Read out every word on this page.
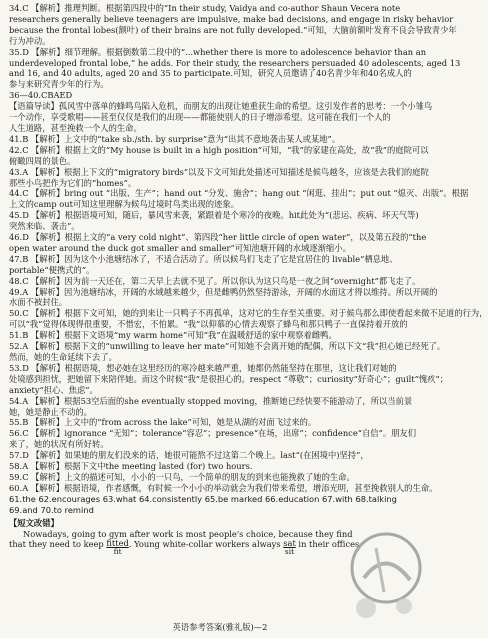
34.C 【解析】推理判断。根据第四段中的“In their study, Vaidya and co-author Shaun Vecera note
researchers generally believe teenagers are impulsive, make bad decisions, and engage in risky behavior
because the frontal lobes(额叶) of their brains are not fully developed.”可知，大脑前额叶发育不良会导致青少年
行为冲动。
35.D 【解析】细节理解。根据倒数第二段中的“...whether there is more to adolescence behavior than an
underdeveloped frontal lobe,” he adds. For their study, the researchers persuaded 40 adolescents, aged 13
and 16, and 40 adults, aged 20 and 35 to participate.可知，研究人员邀请了40名青少年和40名成人的
参与来研究青少年的行为。
36—40.CBAED
【语篇导读】孤风雪中落单的蜂鸣鸟陷入危机，而朋友的出现让她重获生命的希望。这引发作者的思考：一个小雏鸟
一个动作，享受歌唱——甚至仅仅是我们的出现——都能使别人的日子增添希望。这可能在我们一个人的
人生道路，甚至挽救一个人的生命。
41.B 【解析】上文中的“take sb./sth. by surprise”意为“出其不意地袭击某人或某地”。
42.C 【解析】根据上文的“My house is built in a high position”可知，“我”的家建在高处，故“我”的庭院可以
俯瞰四周的景色。
43.A 【解析】根据上下文的“migratory birds”以及下文可知此处描述可知描述是候鸟越冬，应该是去我们的庭院
那些小鸟把作为它们的“homes”。
44.C 【解析】bring out “出版、生产”；hand out “分发、施舍”；hang out “闲逛、挂出”；put out “熄灭、出版”。根据
上文的camp out可知这里理解为候鸟过境时鸟类出现的迹象。
45.D 【解析】根据语境可知，随后，暴风雪来袭，紧跟着是个寒冷的夜晚。hit此处为“(悲运、疾病、坏天气等)
突然来临、袭击”。
46.D 【解析】根据上文的“a very cold night”、第四段“her little circle of open water”，以及第五段的“the
open water around the duck got smaller and smaller”可知池塘开阔的水域逐渐缩小。
47.B 【解析】因为这个小池塘结冰了，不适合活动了。所以候鸟们飞走了它是宜居住的 livable“栖息地、
portable“便携式的”。
48.C 【解析】因为前一天还在，第二天早上去就不见了。所以你认为这只鸟是一夜之间“overnight”都飞走了。
49.A 【解析】因为池塘结冰，开阔的水域越来越少，但是雌鸭仍然坚持游泳，开阔的水面这才得以维持。所以开阔的
水面不被封住。
50.C 【解析】根据下文可知，她的到来让一只鸭子不再孤单，这对它的生存至关重要。对于候鸟那么即使看起来微不足道的行为，
可以“我”觉得体现得很重要，不惜宏，不怕累。“我”以仰慕的心情去观察了蜂鸟和那只鸭子一直保持着开放的
51.B 【解析】根据下文语境“my warm home”可知“我”在温暖舒适的家中观察着雌鸭。
52.A 【解析】根据下文的“unwilling to leave her mate”可知她不会离开她的配偶，所以下文“我”担心她已经死了。
然而，她的生命延续下去了。
53.D 【解析】根据语境，想必她在这里经历的寒冷越来越严重，她都仍然能坚持在那里，这让我们对她的
处境感到担忧，把她留下来陪伴她。而这个时候“我”是很担心的。respect “尊敬”；curiosity“好奇心”；guilt“愧疚”；
anxiety“担心、焦虑”。
54.A 【解析】根据53空后面的she eventually stopped moving，推断她已经快要不能游动了，所以当前景
她，她是静止不动的。
55.B 【解析】上文中的“from across the lake”可知，她是从湖的对面飞过来的。
56.C 【解析】ignorance “无知”；tolerance“容忍”；presence“在场，出席”；confidence“自信”。朋友们
来了，她的状况有所好转。
57.D 【解析】如果她的朋友们没来的话，她很可能熬不过这第二个晚上。last“(在困境中)坚持”，
58.A 【解析】根据下文中the meeting lasted (for) two hours.
59.C 【解析】上文的描述可知，小小的一只鸟，一个简单的朋友的到来也能挽救了她的生命。
60.A 【解析】根据语境，作者感慨，有时候一个小小的举动就会为我们带来希望，增添光明，甚至挽救别人的生命。
61.the 62.encourages 63.what 64.consistently 65.be marked 66.education 67.with 68.talking
69.and 70.to remind
【短文改错】
Nowadays, going to gym after work is most people's choice, because they find
that they need to keep fitted
fit
. Young white-collar workers always sat
sit
in their offices
英语参考答案(雅礼版)—2
